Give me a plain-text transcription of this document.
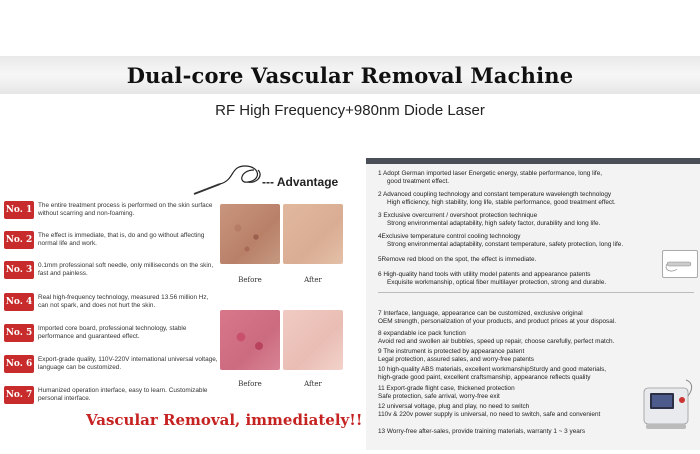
Dual-core Vascular Removal Machine
RF High Frequency+980nm Diode Laser
--- Advantage
No. 1 The entire treatment process is performed on the skin surface without scarring and non-foaming.
No. 2 The effect is immediate, that is, do and go without affecting normal life and work.
No. 3 0.1mm professional soft needle, only milliseconds on the skin, fast and painless.
No. 4 Real high-frequency technology, measured 13.56 million Hz, can not spark, and does not hurt the skin.
No. 5 Imported core board, professional technology, stable performance and guaranteed effect.
No. 6 Export-grade quality, 110V-220V international universal voltage, language can be customized.
No. 7 Humanized operation interface, easy to learn. Customizable personal interface.
Before	After
Before	After
Vascular Removal, immediately!!
1 Adopt German imported laser Energetic energy, stable performance, long life,
good treatment effect.
2 Advanced coupling technology and constant temperature wavelength technology
High efficiency, high stability, long life, stable performance, good treatment effect.
3 Exclusive overcurrent / overshoot protection technique
Strong environmental adaptability, high safety factor, durability and long life.
4Exclusive temperature control cooling technology
Strong environmental adaptability, constant temperature, safety protection, long life.
5Remove red blood on the spot, the effect is immediate.
6 High-quality hand tools with utility model patents and appearance patents
Exquisite workmanship, optical fiber multilayer protection, strong and durable.
7 Interface, language, appearance can be customized, exclusive original
OEM strength, personalization of your products, and product prices at your disposal.
8 expandable ice pack function
Avoid red and swollen air bubbles, speed up repair, choose carefully, perfect match.
9 The instrument is protected by appearance patent
Legal protection, assured sales, and worry-free patents
10 high-quality ABS materials, excellent workmanshipSturdy and good materials,
high-grade good paint, excellent craftsmanship, appearance reflects quality
11 Export-grade flight case, thickened protection
Safe protection, safe arrival, worry-free exit
12 universal voltage, plug and play, no need to switch
110v & 220v power supply is universal, no need to switch, safe and convenient
13 Worry-free after-sales, provide training materials, warranty 1 ~ 3 years
